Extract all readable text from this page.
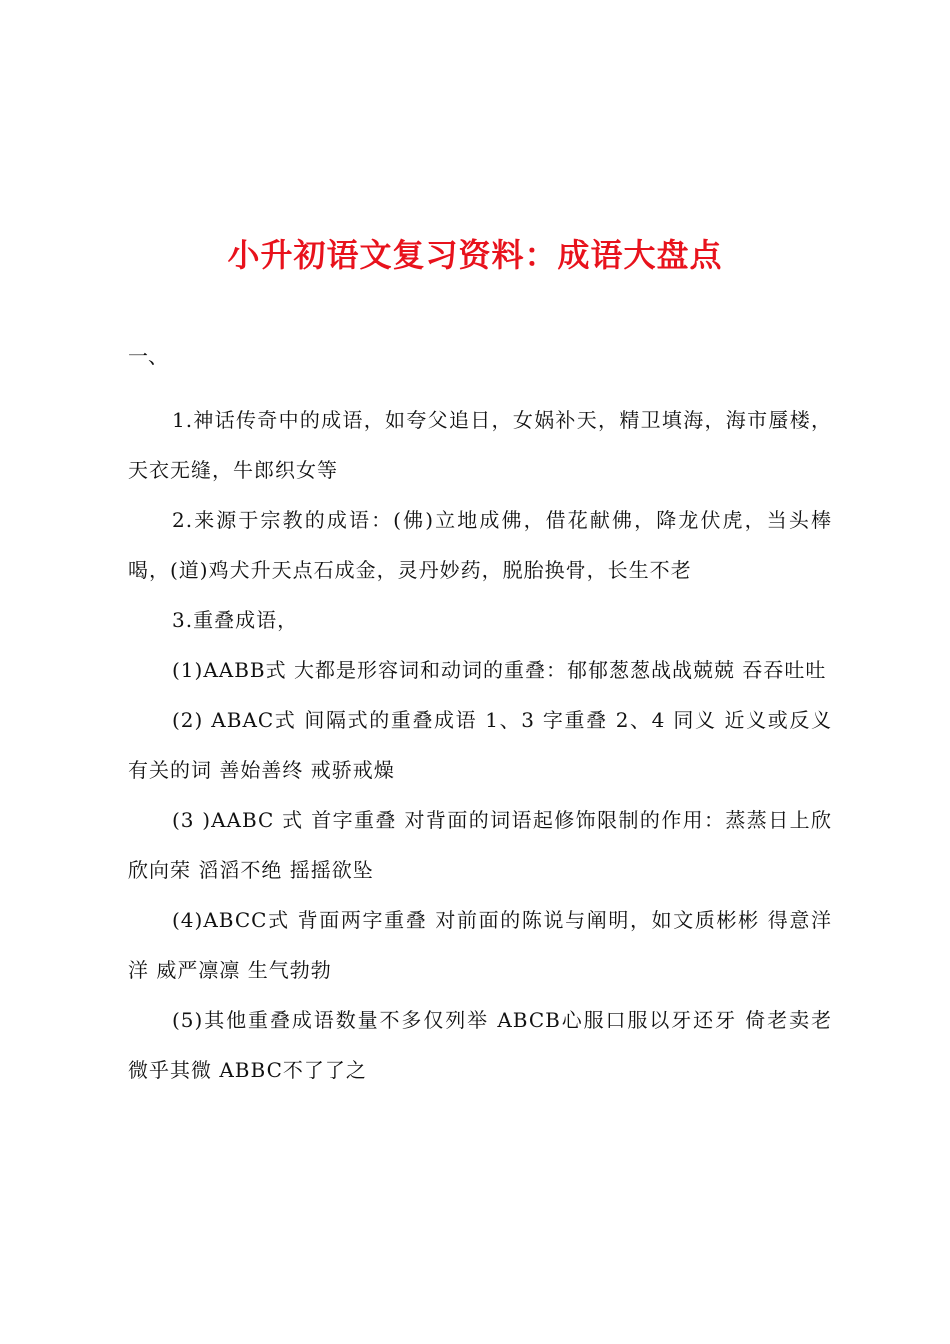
小升初语文复习资料：成语大盘点
一、

1.神话传奇中的成语，如夸父追日，女娲补天，精卫填海，海市蜃楼，天衣无缝，牛郎织女等

2.来源于宗教的成语：(佛)立地成佛，借花献佛，降龙伏虎，当头棒喝，(道)鸡犬升天点石成金，灵丹妙药，脱胎换骨，长生不老

3.重叠成语，

(1)AABB式 大都是形容词和动词的重叠：郁郁葱葱战战兢兢 吞吞吐吐

(2) ABAC式 间隔式的重叠成语 1、3 字重叠 2、4 同义 近义或反义有关的词 善始善终 戒骄戒燥

(3 )AABC 式 首字重叠 对背面的词语起修饰限制的作用：蒸蒸日上欣欣向荣 滔滔不绝 摇摇欲坠

(4)ABCC式 背面两字重叠 对前面的陈说与阐明，如文质彬彬 得意洋洋 威严凛凛 生气勃勃

(5)其他重叠成语数量不多仅列举 ABCB心服口服以牙还牙 倚老卖老 微乎其微 ABBC不了了之
